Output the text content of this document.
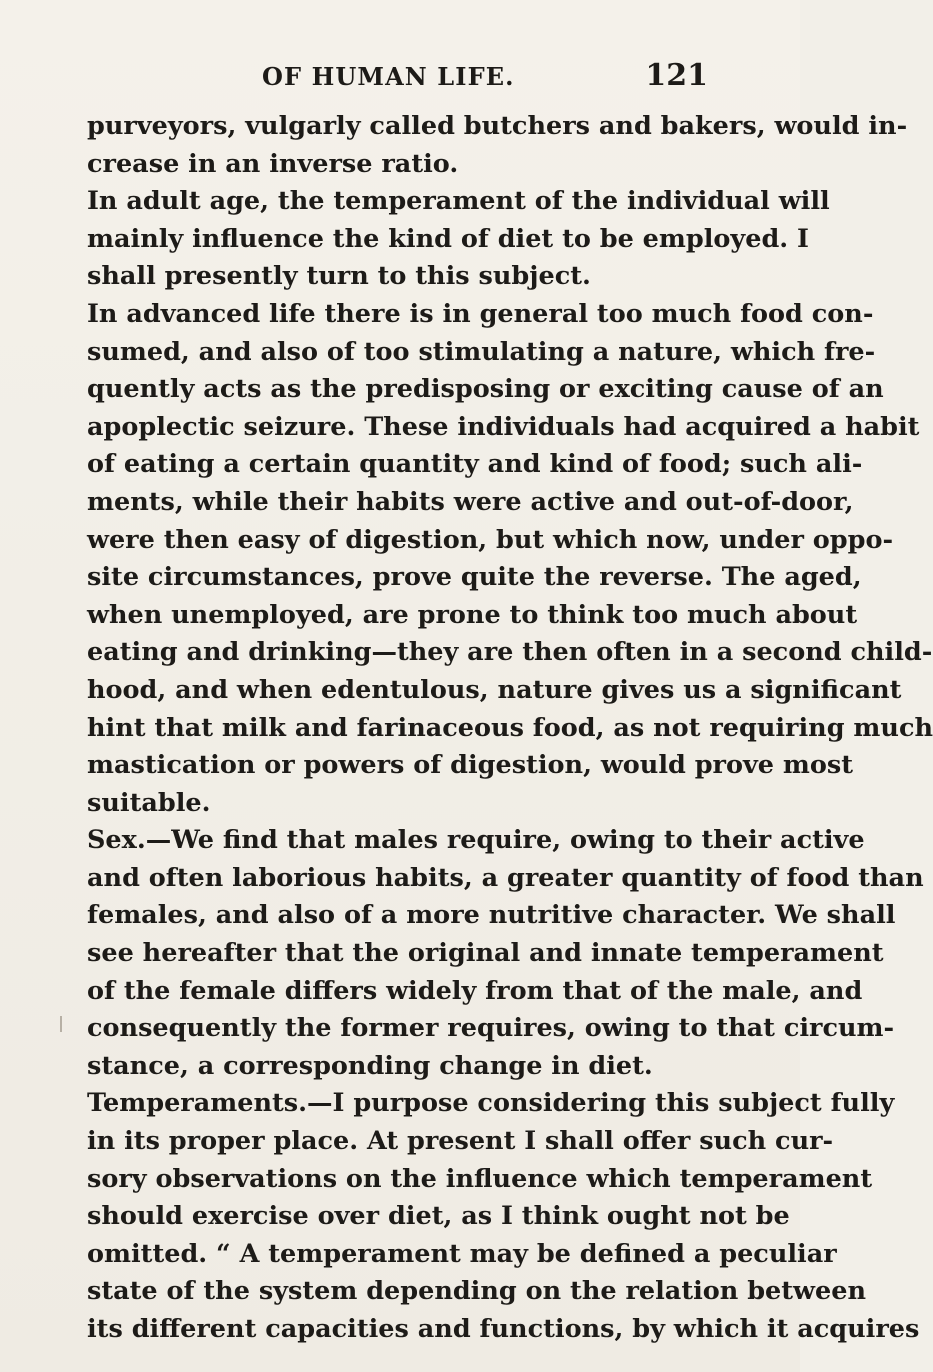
OF HUMAN LIFE.	121
purveyors, vulgarly called butchers and bakers, would in-
crease in an inverse ratio.
In adult age, the temperament of the individual will
mainly influence the kind of diet to be employed. I
shall presently turn to this subject.
In advanced life there is in general too much food con-
sumed, and also of too stimulating a nature, which fre-
quently acts as the predisposing or exciting cause of an
apoplectic seizure. These individuals had acquired a habit
of eating a certain quantity and kind of food; such ali-
ments, while their habits were active and out-of-door,
were then easy of digestion, but which now, under oppo-
site circumstances, prove quite the reverse. The aged,
when unemployed, are prone to think too much about
eating and drinking—they are then often in a second child-
hood, and when edentulous, nature gives us a significant
hint that milk and farinaceous food, as not requiring much
mastication or powers of digestion, would prove most
suitable.
Sex.—We find that males require, owing to their active
and often laborious habits, a greater quantity of food than
females, and also of a more nutritive character. We shall
see hereafter that the original and innate temperament
of the female differs widely from that of the male, and
consequently the former requires, owing to that circum-
stance, a corresponding change in diet.
Temperaments.—I purpose considering this subject fully
in its proper place. At present I shall offer such cur-
sory observations on the influence which temperament
should exercise over diet, as I think ought not be
omitted. “ A temperament may be defined a peculiar
state of the system depending on the relation between
its different capacities and functions, by which it acquires
